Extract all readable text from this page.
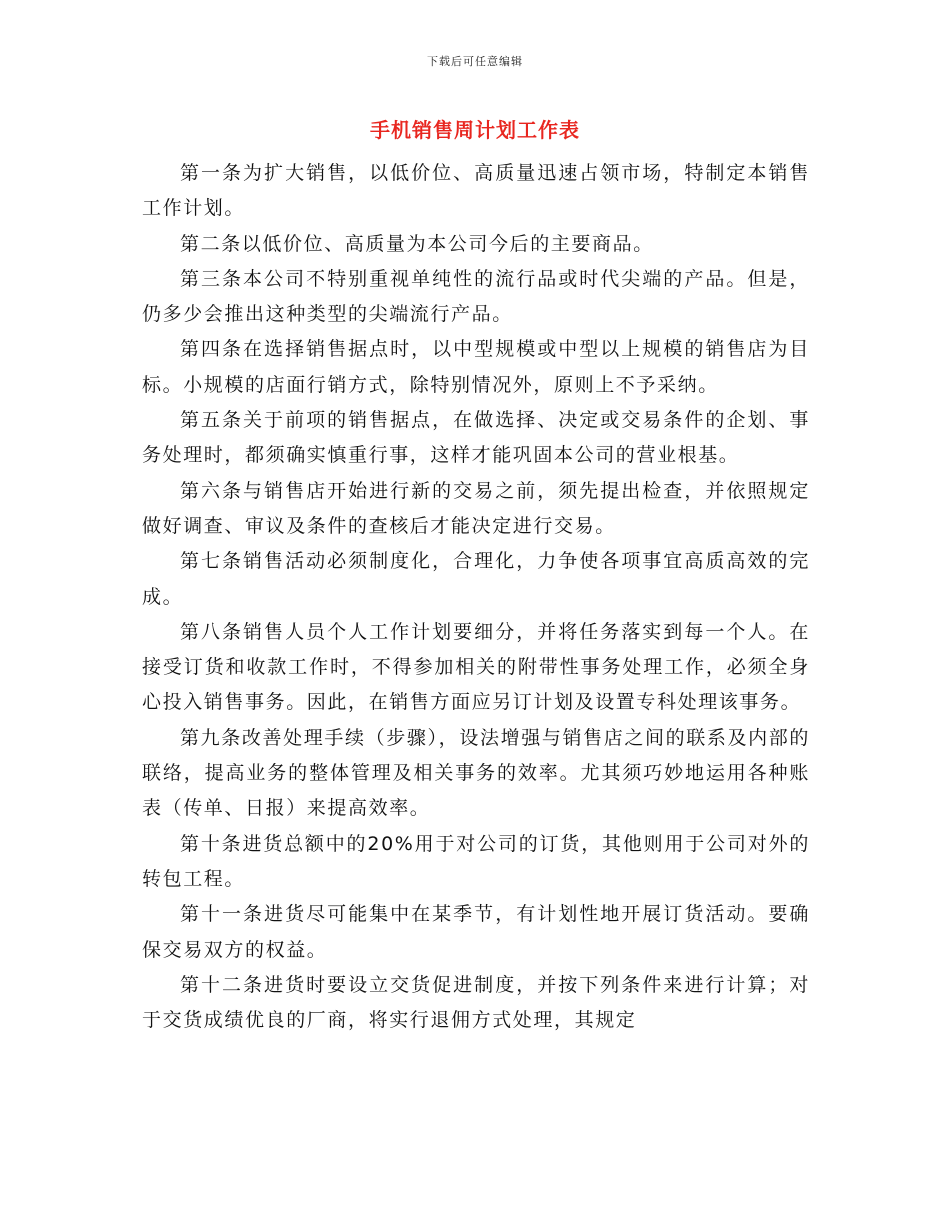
下载后可任意编辑
手机销售周计划工作表

第一条为扩大销售，以低价位、高质量迅速占领市场，特制定本销售工作计划。

第二条以低价位、高质量为本公司今后的主要商品。

第三条本公司不特别重视单纯性的流行品或时代尖端的产品。但是，仍多少会推出这种类型的尖端流行产品。

第四条在选择销售据点时，以中型规模或中型以上规模的销售店为目标。小规模的店面行销方式，除特别情况外，原则上不予采纳。

第五条关于前项的销售据点，在做选择、决定或交易条件的企划、事务处理时，都须确实慎重行事，这样才能巩固本公司的营业根基。

第六条与销售店开始进行新的交易之前，须先提出检查，并依照规定做好调查、审议及条件的查核后才能决定进行交易。

第七条销售活动必须制度化，合理化，力争使各项事宜高质高效的完成。

第八条销售人员个人工作计划要细分，并将任务落实到每一个人。在接受订货和收款工作时，不得参加相关的附带性事务处理工作，必须全身心投入销售事务。因此，在销售方面应另订计划及设置专科处理该事务。

第九条改善处理手续（步骤），设法增强与销售店之间的联系及内部的联络，提高业务的整体管理及相关事务的效率。尤其须巧妙地运用各种账表（传单、日报）来提高效率。

第十条进货总额中的20%用于对公司的订货，其他则用于公司对外的转包工程。

第十一条进货尽可能集中在某季节，有计划性地开展订货活动。要确保交易双方的权益。

第十二条进货时要设立交货促进制度，并按下列条件来进行计算；对于交货成绩优良的厂商，将实行退佣方式处理，其规定
